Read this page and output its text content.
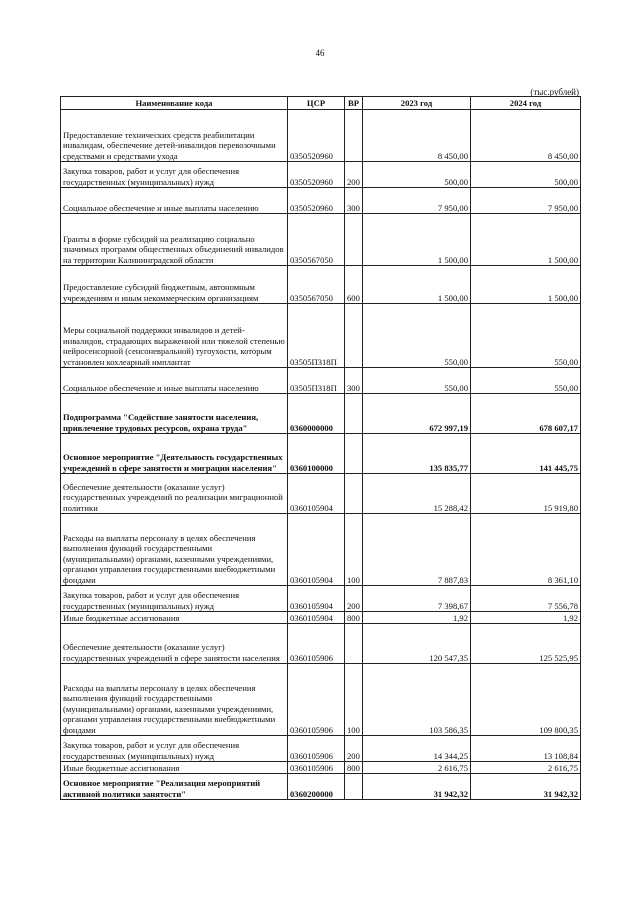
46
(тыс.рублей)
Наименование кода	ЦСР	ВР	2023 год	2024 год
Предоставление технических средств реабилитации инвалидам, обеспечение детей-инвалидов перевозочными средствами и средствами ухода	0350520960		8 450,00	8 450,00
Закупка товаров, работ и услуг для обеспечения государственных (муниципальных) нужд	0350520960	200	500,00	500,00
Социальное обеспечение и иные выплаты населению	0350520960	300	7 950,00	7 950,00
Гранты в форме субсидий на реализацию социально значимых программ общественных объединений инвалидов на территории Калининградской области	0350567050		1 500,00	1 500,00
Предоставление субсидий бюджетным, автономным учреждениям и иным некоммерческим организациям	0350567050	600	1 500,00	1 500,00
Меры социальной поддержки инвалидов и детей-инвалидов, страдающих выраженной или тяжелой степенью нейросенсорной (сенсоневральной) тугоухости, которым установлен кохлеарный имплантат	03505П318П		550,00	550,00
Социальное обеспечение и иные выплаты населению	03505П318П	300	550,00	550,00
Подпрограмма "Содействие занятости населения, привлечение трудовых ресурсов, охрана труда"	0360000000		672 997,19	678 607,17
Основное мероприятие "Деятельность государственных учреждений в сфере занятости и миграции населения"	0360100000		135 835,77	141 445,75
Обеспечение деятельности (оказание услуг) государственных учреждений по реализации миграционной политики	0360105904		15 288,42	15 919,80
Расходы на выплаты персоналу в целях обеспечения выполнения функций государственными (муниципальными) органами, казенными учреждениями, органами управления государственными внебюджетными фондами	0360105904	100	7 887,83	8 361,10
Закупка товаров, работ и услуг для обеспечения государственных (муниципальных) нужд	0360105904	200	7 398,67	7 556,78
Иные бюджетные ассигнования	0360105904	800	1,92	1,92
Обеспечение деятельности (оказание услуг) государственных учреждений в сфере занятости населения	0360105906		120 547,35	125 525,95
Расходы на выплаты персоналу в целях обеспечения выполнения функций государственными (муниципальными) органами, казенными учреждениями, органами управления государственными внебюджетными фондами	0360105906	100	103 586,35	109 800,35
Закупка товаров, работ и услуг для обеспечения государственных (муниципальных) нужд	0360105906	200	14 344,25	13 108,84
Иные бюджетные ассигнования	0360105906	800	2 616,75	2 616,75
Основное мероприятие "Реализация мероприятий активной политики занятости"	0360200000		31 942,32	31 942,32
